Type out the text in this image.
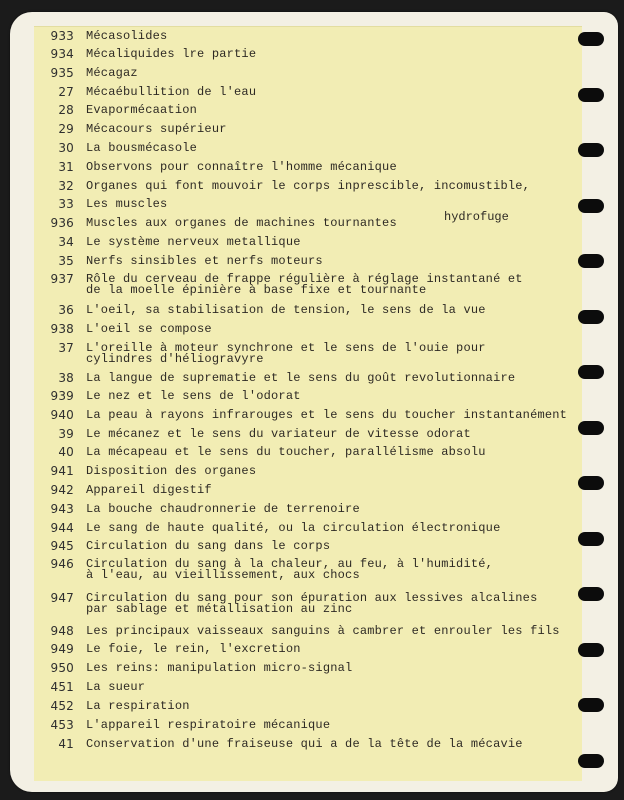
933 Mécasolides
934 Mécaliquides lre partie
935 Mécagaz
27 Mécaébullition de l'eau
28 Evapormécaation
29 Mécacours supérieur
30 La bousmécasole
31 Observons pour connaître l'homme mécanique
32 Organes qui font mouvoir le corps inprescible, incomustible,
33 Les muscles
936 Muscles aux organes de machines tournantes
34 Le système nerveux metallique
35 Nerfs sinsibles et nerfs moteurs
937 Rôle du cerveau de frappe régulière à réglage instantané et
de la moelle épinière à base fixe et tournante
36 L'oeil, sa stabilisation de tension, le sens de la vue
938 L'oeil se compose
37 L'oreille à moteur synchrone et le sens de l'ouie pour
cylindres d'héliogravyre
38 La langue de suprematie et le sens du goût revolutionnaire
939 Le nez et le sens de l'odorat
940 La peau à rayons infrarouges et le sens du toucher instantanément
39 Le mécanez et le sens du variateur de vitesse odorat
40 La mécapeau et le sens du toucher, parallélisme absolu
941 Disposition des organes
942 Appareil digestif
943 La bouche chaudronnerie de terrenoire
944 Le sang de haute qualité, ou la circulation électronique
945 Circulation du sang dans le corps
946 Circulation du sang à la chaleur, au feu, à l'humidité,
à l'eau, au vieillissement, aux chocs
947 Circulation du sang pour son épuration aux lessives alcalines
par sablage et métallisation au zinc
948 Les principaux vaisseaux sanguins à cambrer et enrouler les fils
949 Le foie, le rein, l'excretion
950 Les reins: manipulation micro-signal
451 La sueur
452 La respiration
453 L'appareil respiratoire mécanique
41 Conservation d'une fraiseuse qui a de la tête de la mécavie
hydrofuge
